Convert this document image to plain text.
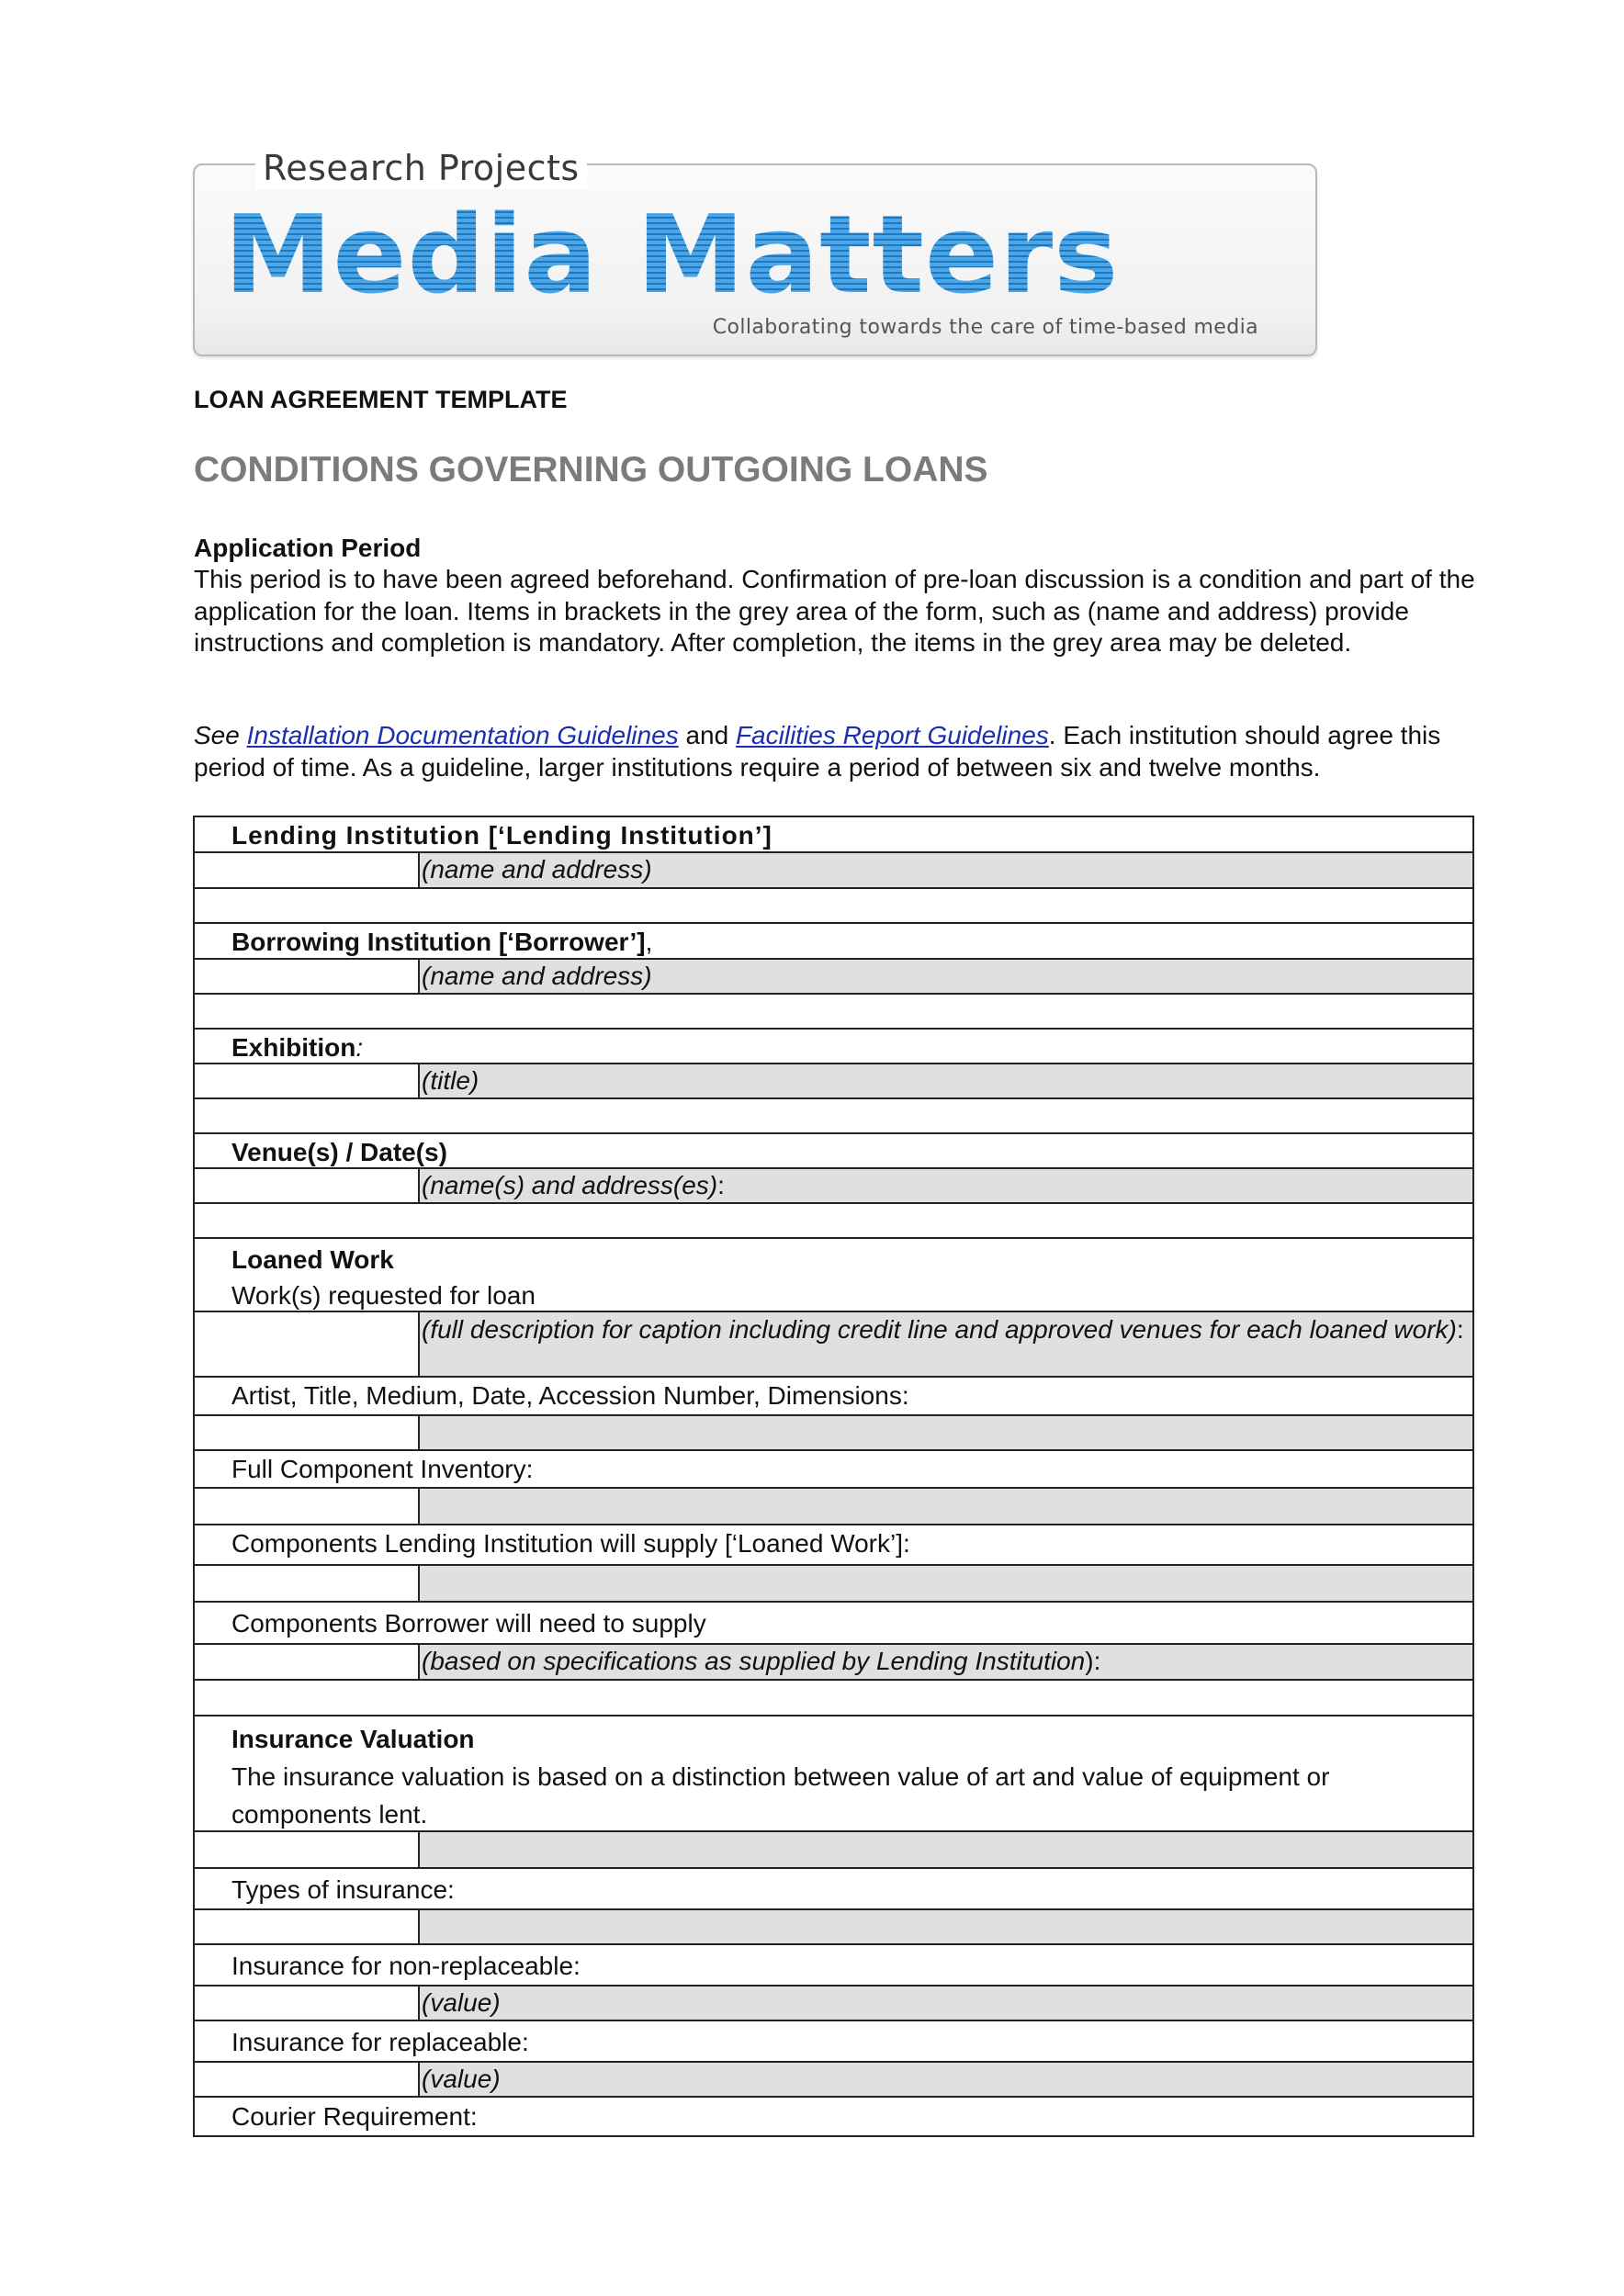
Research Projects
Media Matters
Collaborating towards the care of time-based media
LOAN AGREEMENT TEMPLATE
CONDITIONS GOVERNING OUTGOING LOANS
Application Period
This period is to have been agreed beforehand. Confirmation of pre-loan discussion is a condition and part of the application for the loan. Items in brackets in the grey area of the form, such as (name and address) provide instructions and completion is mandatory. After completion, the items in the grey area may be deleted.
See Installation Documentation Guidelines and Facilities Report Guidelines. Each institution should agree this period of time. As a guideline, larger institutions require a period of between six and twelve months.
Lending Institution [‘Lending Institution’]
(name and address)
Borrowing Institution [‘Borrower’],
(name and address)
Exhibition:
(title)
Venue(s) / Date(s)
(name(s) and address(es):
Loaned Work
Work(s) requested for loan
(full description for caption including credit line and approved venues for each loaned work):
Artist, Title, Medium, Date, Accession Number, Dimensions:
Full Component Inventory:
Components Lending Institution will supply [‘Loaned Work’]:
Components Borrower will need to supply
(based on specifications as supplied by Lending Institution):
Insurance Valuation
The insurance valuation is based on a distinction between value of art and value of equipment or components lent.
Types of insurance:
Insurance for non-replaceable:
(value)
Insurance for replaceable:
(value)
Courier Requirement:
